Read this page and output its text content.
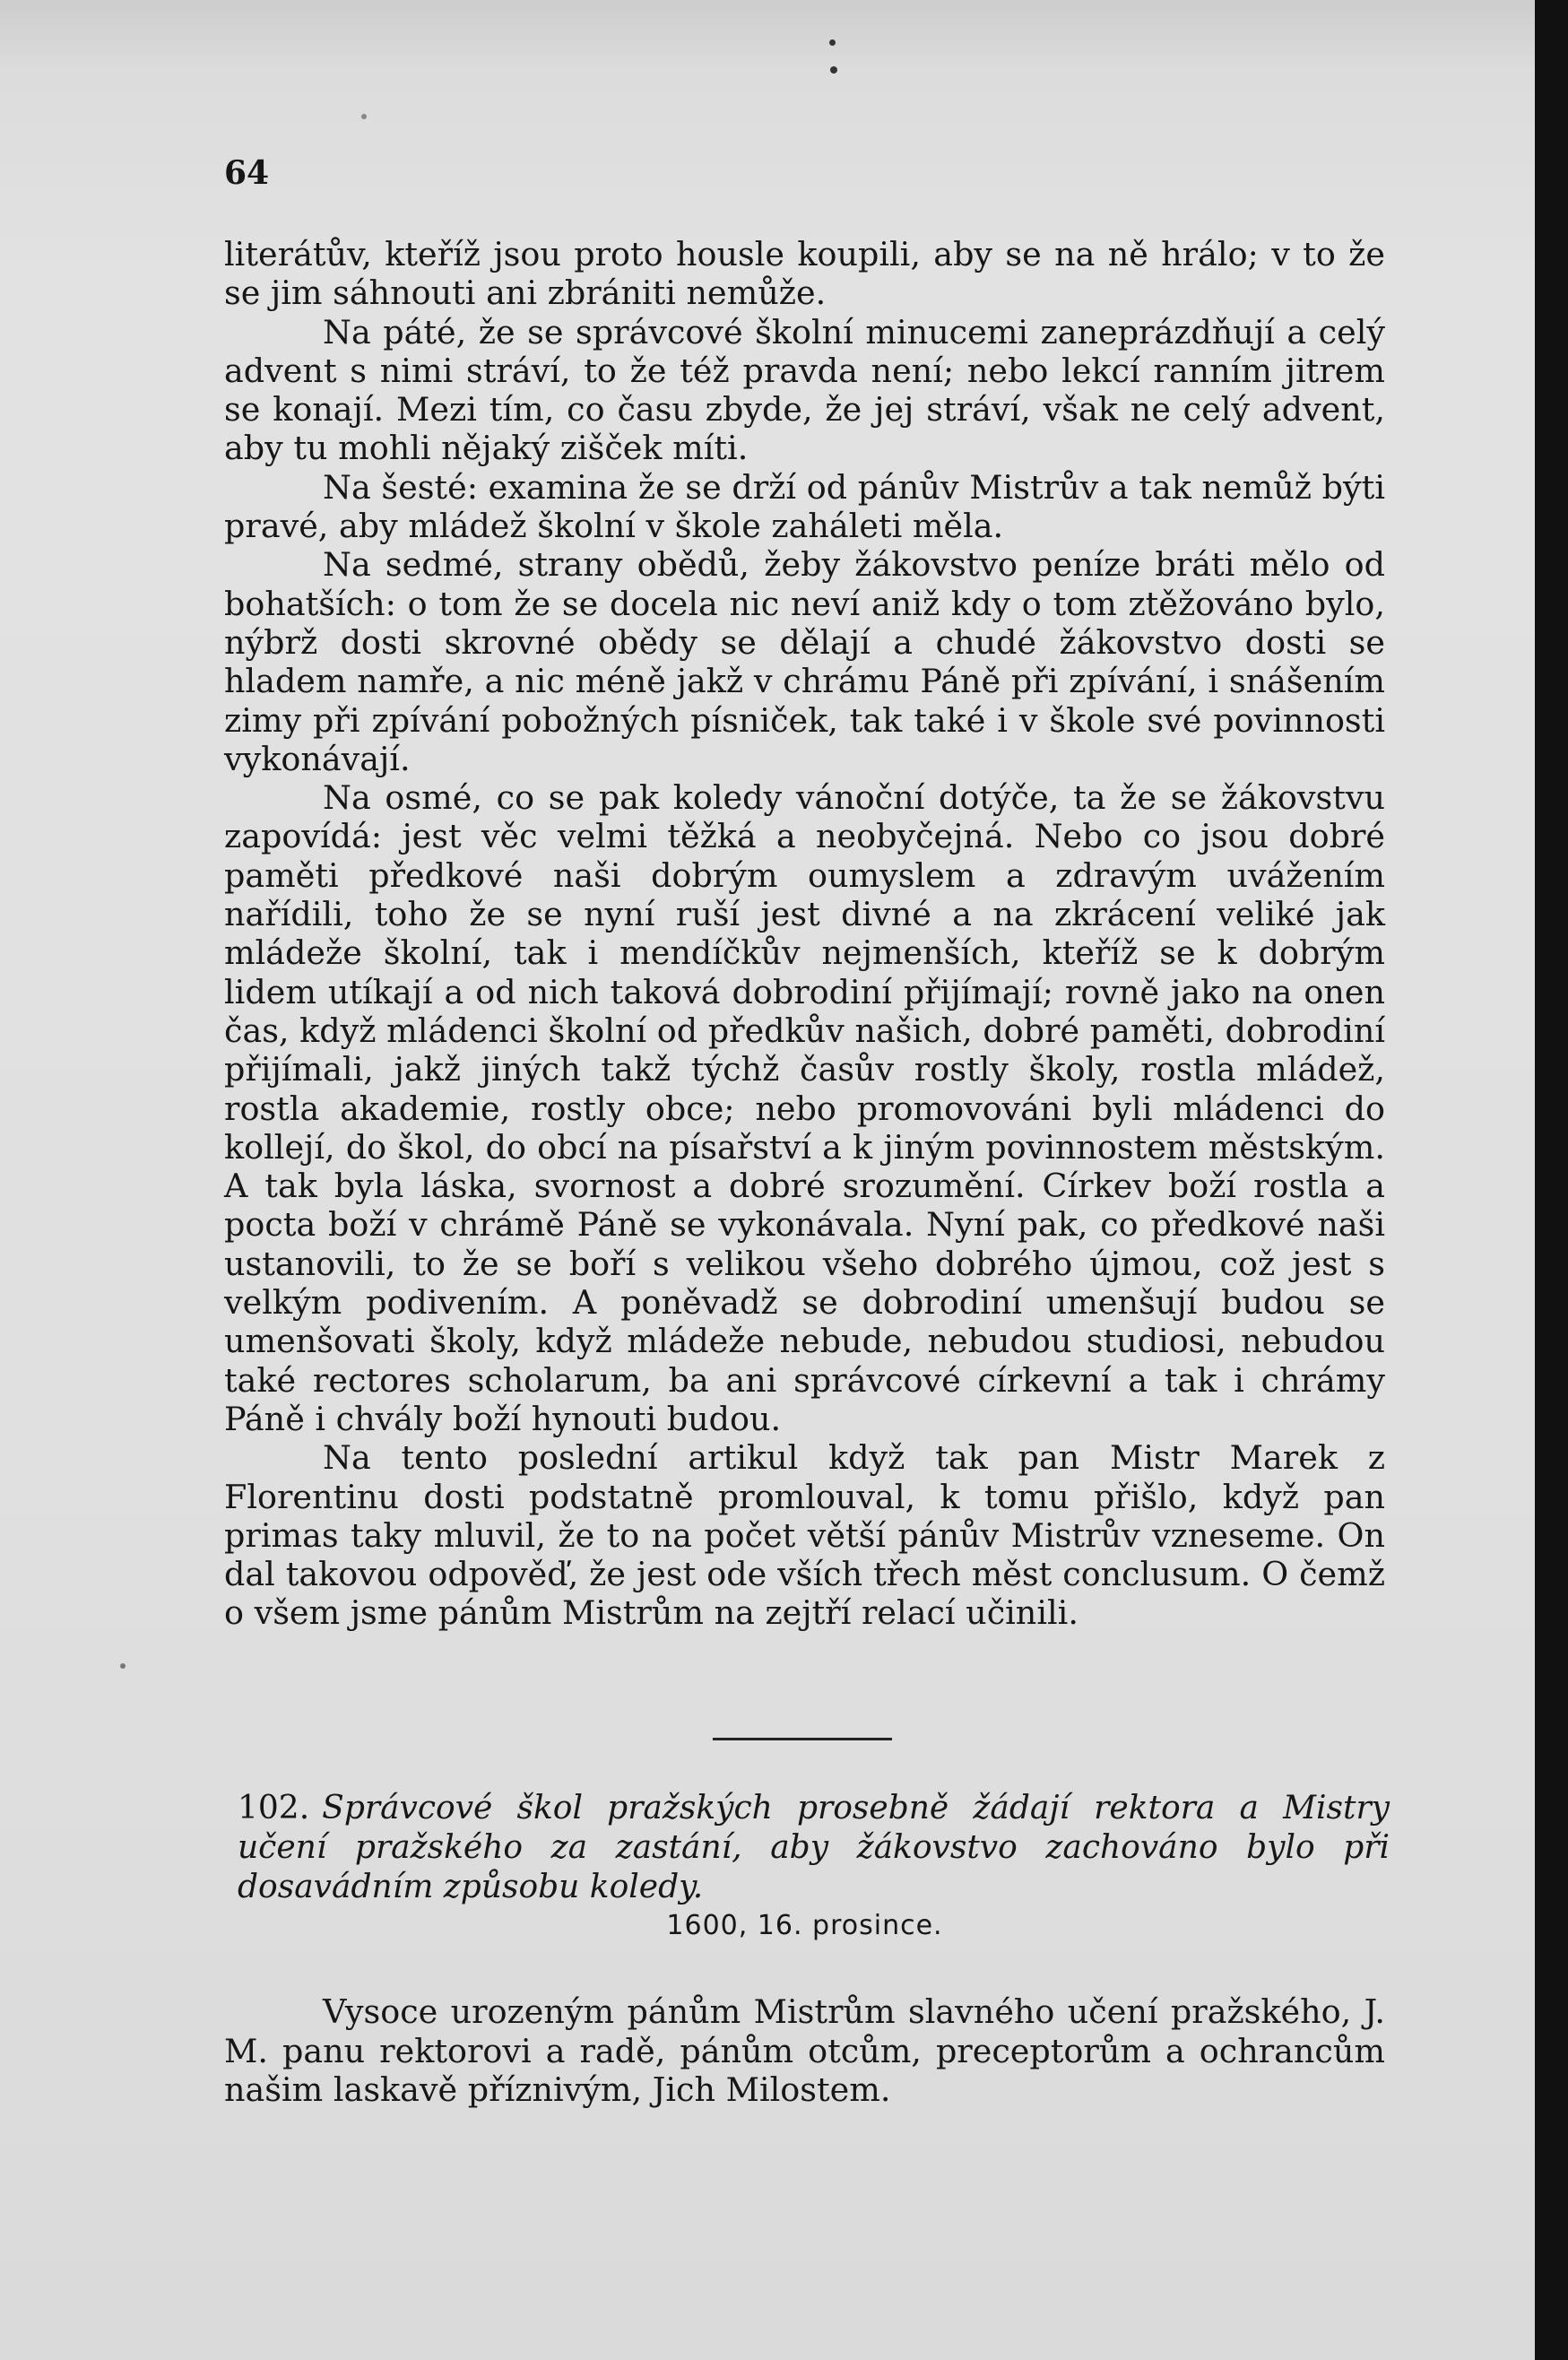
64

literátův, kteříž jsou proto housle koupili, aby se na ně hrálo; v to že se jim sáhnouti ani zbrániti nemůže.

Na páté, že se správcové školní minucemi zaneprázdňují a celý advent s nimi stráví, to že též pravda není; nebo lekcí ranním jitrem se konají. Mezi tím, co času zbyde, že jej stráví, však ne celý advent, aby tu mohli nějaký zišček míti.

Na šesté: examina že se drží od pánův Mistrův a tak nemůž býti pravé, aby mládež školní v škole zaháleti měla.

Na sedmé, strany obědů, žeby žákovstvo peníze bráti mělo od bohatších: o tom že se docela nic neví aniž kdy o tom ztěžováno bylo, nýbrž dosti skrovné obědy se dělají a chudé žákovstvo dosti se hladem namře, a nic méně jakž v chrámu Páně při zpívání, i snášením zimy při zpívání pobožných písniček, tak také i v škole své povinnosti vykonávají.

Na osmé, co se pak koledy vánoční dotýče, ta že se žákovstvu zapovídá: jest věc velmi těžká a neobyčejná. Nebo co jsou dobré paměti předkové naši dobrým oumyslem a zdravým uvážením nařídili, toho že se nyní ruší jest divné a na zkrácení veliké jak mládeže školní, tak i mendíčkův nejmenších, kteříž se k dobrým lidem utíkají a od nich taková dobrodiní přijímají; rovně jako na onen čas, když mládenci školní od předkův našich, dobré paměti, dobrodiní přijímali, jakž jiných takž týchž časův rostly školy, rostla mládež, rostla akademie, rostly obce; nebo promovováni byli mládenci do kollejí, do škol, do obcí na písařství a k jiným povinnostem městským. A tak byla láska, svornost a dobré srozumění. Církev boží rostla a pocta boží v chrámě Páně se vykonávala. Nyní pak, co předkové naši ustanovili, to že se boří s velikou všeho dobrého újmou, což jest s velkým podivením. A poněvadž se dobrodiní umenšují budou se umenšovati školy, když mládeže nebude, nebudou studiosi, nebudou také rectores scholarum, ba ani správcové církevní a tak i chrámy Páně i chvály boží hynouti budou.

Na tento poslední artikul když tak pan Mistr Marek z Florentinu dosti podstatně promlouval, k tomu přišlo, když pan primas taky mluvil, že to na počet větší pánův Mistrův vzneseme. On dal takovou odpověď, že jest ode vších třech měst conclusum. O čemž o všem jsme pánům Mistrům na zejtří relací učinili.

102. Správcové škol pražských prosebně žádají rektora a Mistry učení pražského za zastání, aby žákovstvo zachováno bylo při dosavádním způsobu koledy.
1600, 16. prosince.
Vysoce urozeným pánům Mistrům slavného učení pražského, J. M. panu rektorovi a radě, pánům otcům, preceptorům a ochrancům našim laskavě příznivým, Jich Milostem.
